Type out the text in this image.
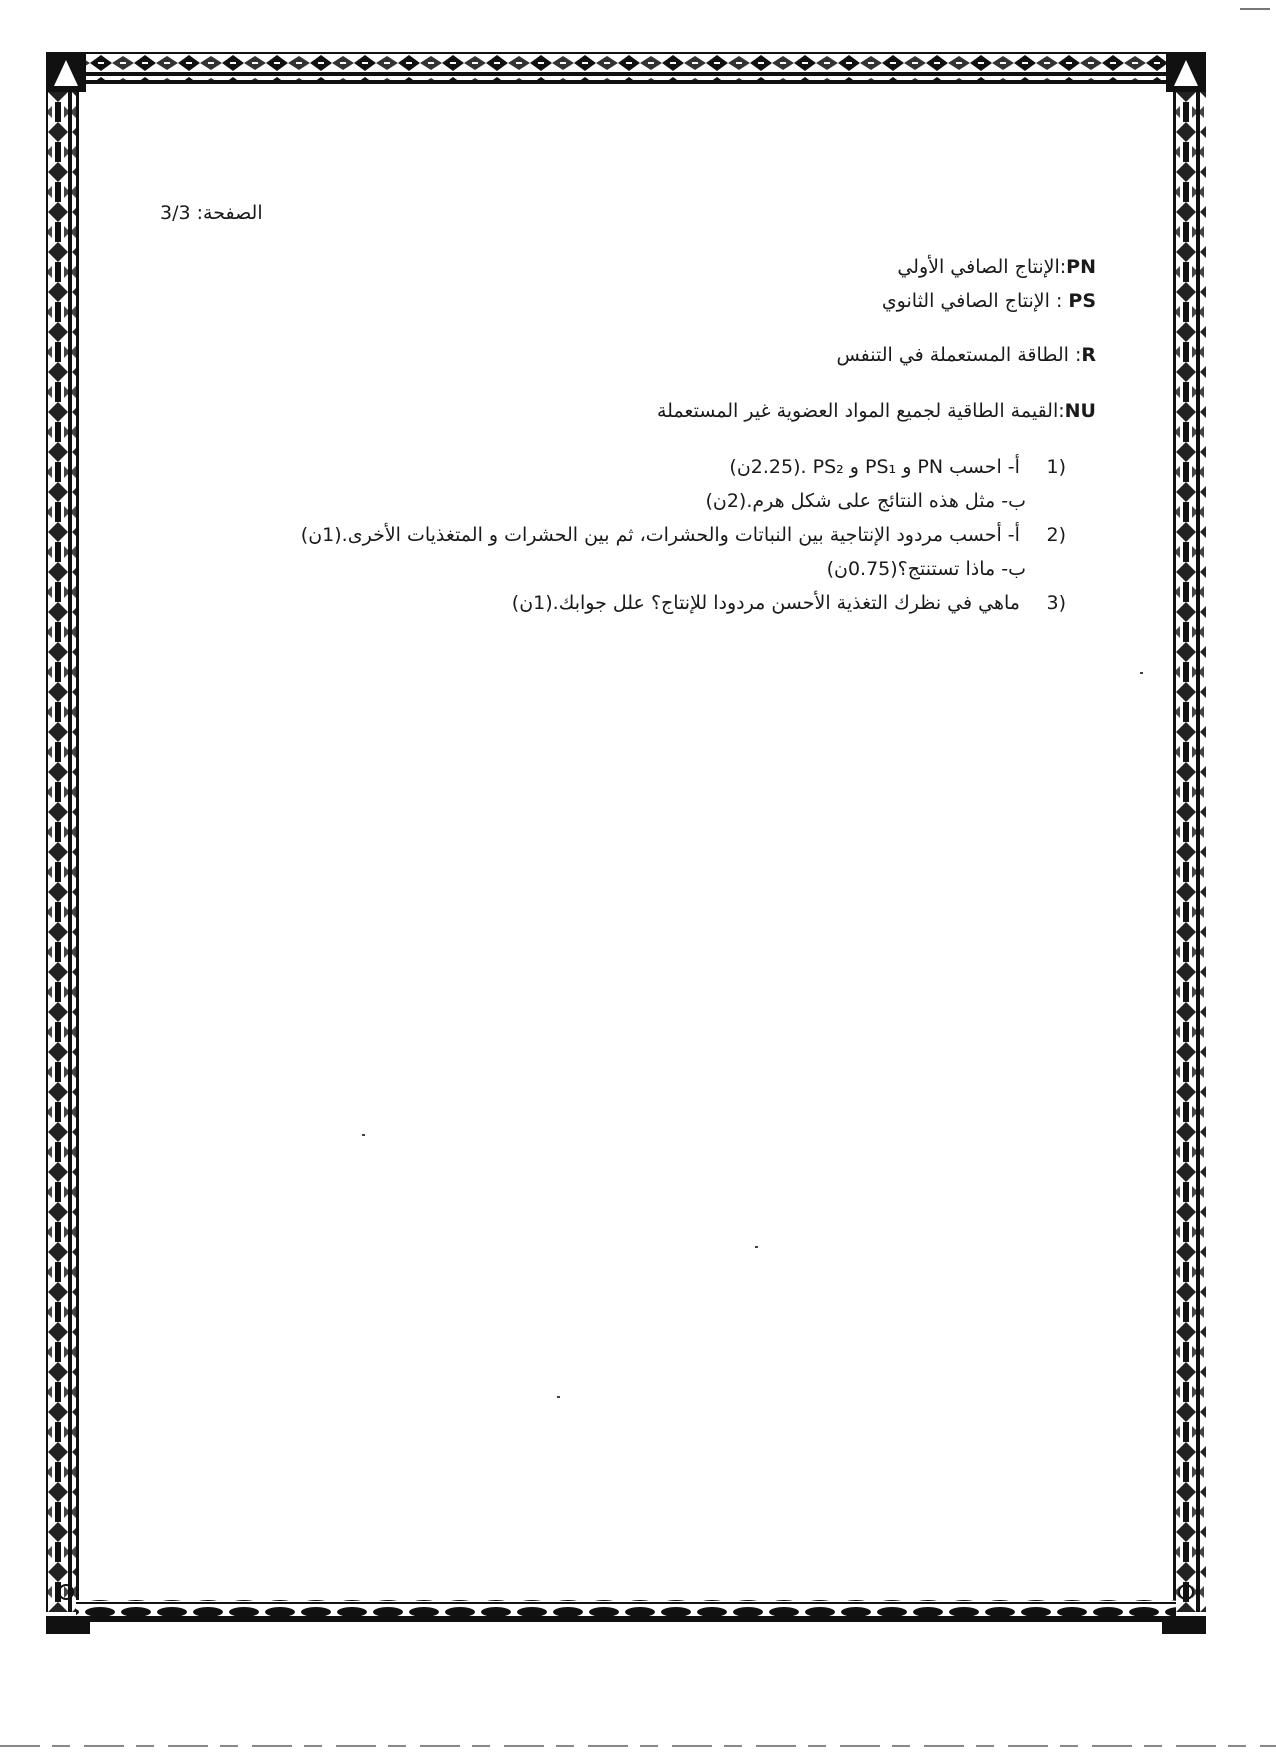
الصفحة: 3/3
PN:الإنتاج الصافي الأولي
PS : الإنتاج الصافي الثانوي
R: الطاقة المستعملة في التنفس
NU:القيمة الطاقية لجميع المواد العضوية غير المستعملة
(1 أ- احسب PN و PS₁ و PS₂ .(2.25ن)
ب- مثل هذه النتائج على شكل هرم.(2ن)
(2 أ- أحسب مردود الإنتاجية بين النباتات والحشرات، ثم بين الحشرات و المتغذيات الأخرى.(1ن)
ب- ماذا تستنتج؟(0.75ن)
(3 ماهي في نظرك التغذية الأحسن مردودا للإنتاج؟ علل جوابك.(1ن)
